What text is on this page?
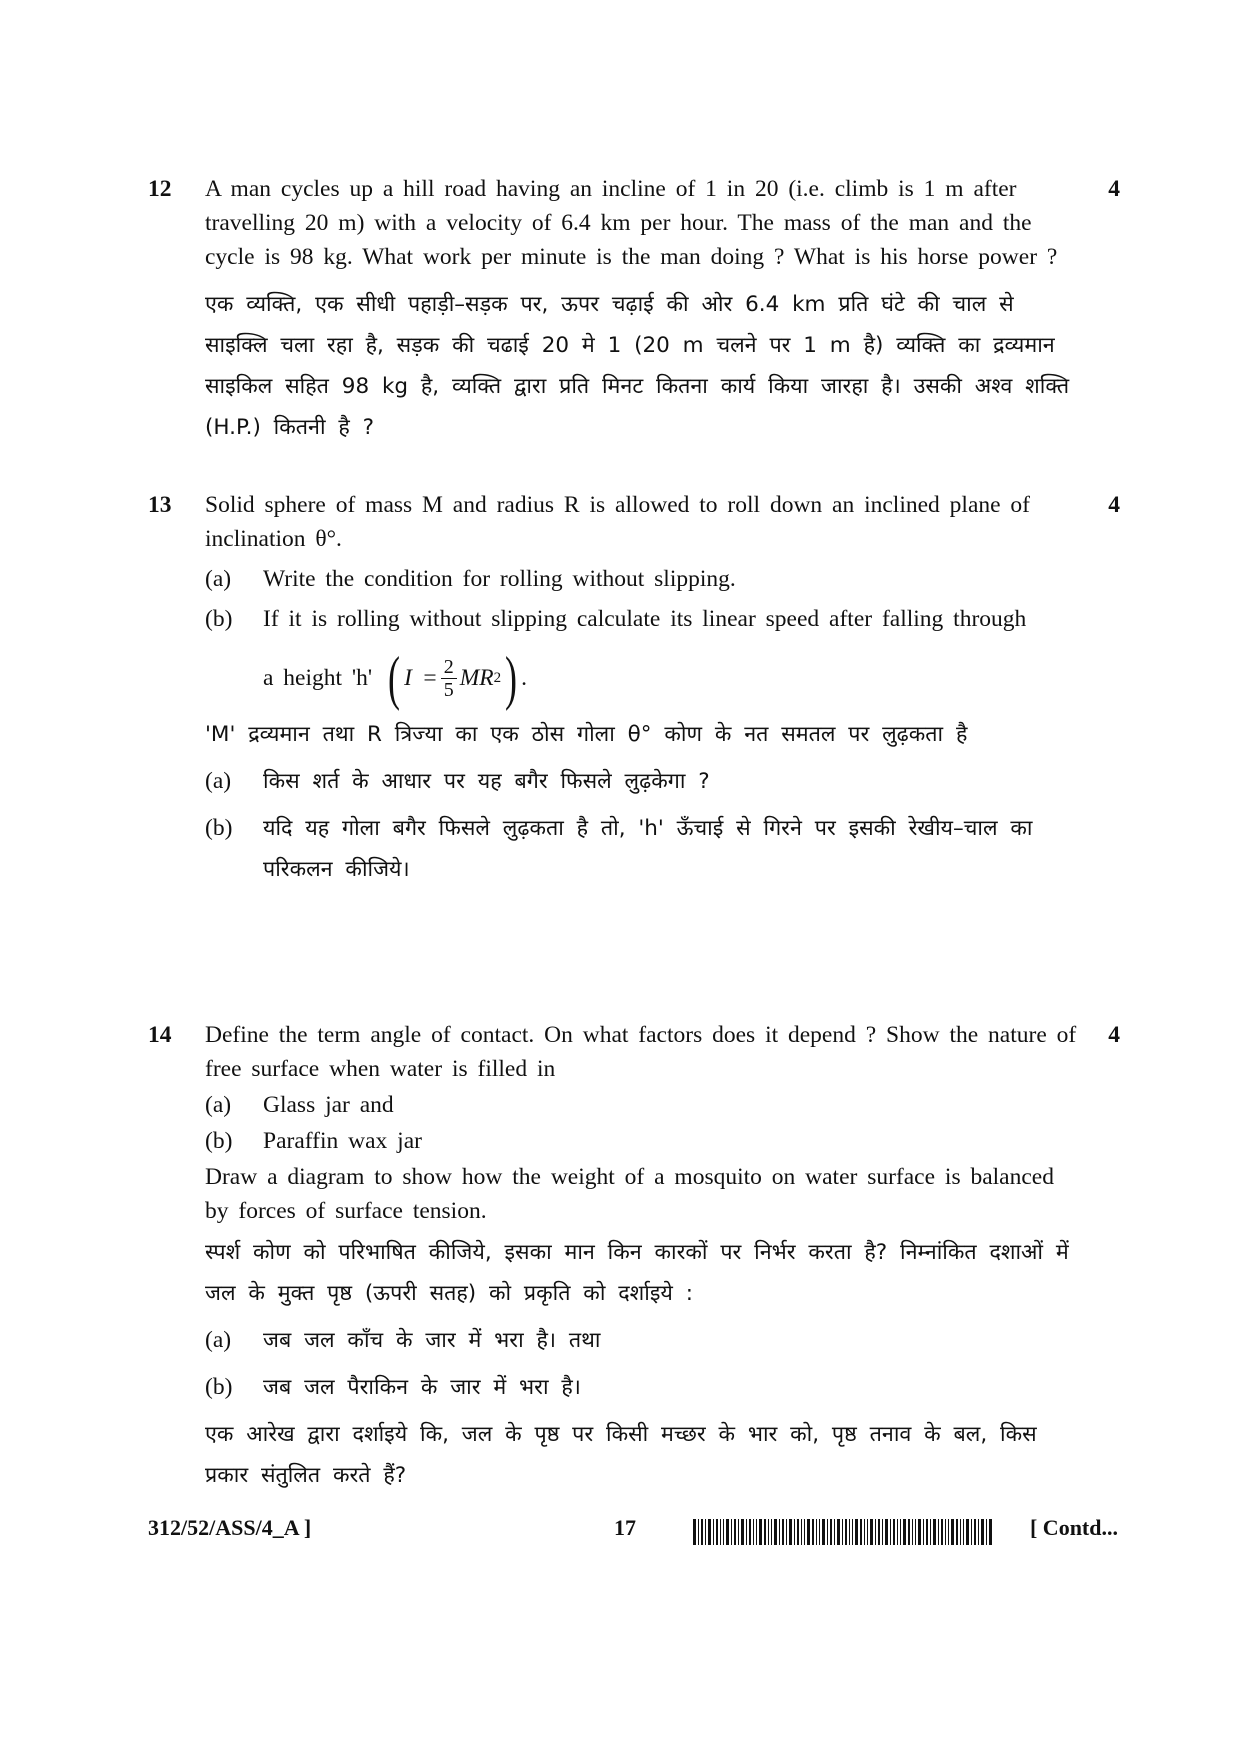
12	4
A man cycles up a hill road having an incline of 1 in 20 (i.e. climb is 1 m after travelling 20 m) with a velocity of 6.4 km per hour. The mass of the man and the cycle is 98 kg. What work per minute is the man doing ? What is his horse power ?
एक व्यक्ति, एक सीधी पहाड़ी–सड़क पर, ऊपर चढ़ाई की ओर 6.4 km प्रति घंटे की चाल से साइक्लि चला रहा है, सड़क की चढाई 20 मे 1 (20 m चलने पर 1 m है) व्यक्ति का द्रव्यमान साइकिल सहित 98 kg है, व्यक्ति द्वारा प्रति मिनट कितना कार्य किया जारहा है। उसकी अश्व शक्ति (H.P.) कितनी है ?
13	4
Solid sphere of mass M and radius R is allowed to roll down an inclined plane of inclination θ°.
(a)	Write the condition for rolling without slipping.
(b)	If it is rolling without slipping calculate its linear speed after falling through
a height 'h' ( $I = \frac{2}{5}$ MR 2 ) .
'M' द्रव्यमान तथा R त्रिज्या का एक ठोस गोला θ° कोण के नत समतल पर लुढ़कता है
(a)	किस शर्त के आधार पर यह बगैर फिसले लुढ़केगा ?
(b)	यदि यह गोला बगैर फिसले लुढ़कता है तो, 'h' ऊँचाई से गिरने पर इसकी रेखीय–चाल का परिकलन कीजिये।
14	4
Define the term angle of contact. On what factors does it depend ? Show the nature of free surface when water is filled in
(a)	Glass jar and
(b)	Paraffin wax jar
Draw a diagram to show how the weight of a mosquito on water surface is balanced by forces of surface tension.
स्पर्श कोण को परिभाषित कीजिये, इसका मान किन कारकों पर निर्भर करता है? निम्नांकित दशाओं में जल के मुक्त पृष्ठ (ऊपरी सतह) को प्रकृति को दर्शाइये :
(a)	जब जल काँच के जार में भरा है। तथा
(b)	जब जल पैराकिन के जार में भरा है।
एक आरेख द्वारा दर्शाइये कि, जल के पृष्ठ पर किसी मच्छर के भार को, पृष्ठ तनाव के बल, किस प्रकार संतुलित करते हैं?
312/52/ASS/4_A ]	17	[ Contd...
